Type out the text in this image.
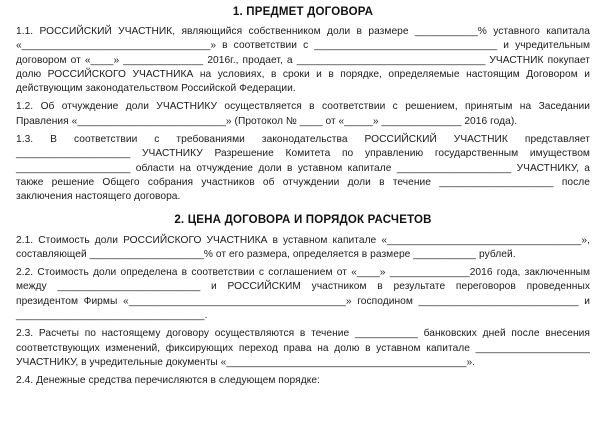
1. ПРЕДМЕТ ДОГОВОРА

1.1. РОССИЙСКИЙ УЧАСТНИК, являющийся собственником доли в размере ___________% уставного капитала «_________________________________» в соответствии с ________________________________ и учредительным договором от «____» ______________ 2016г., продает, а _________________________________ УЧАСТНИК покупает долю РОССИЙСКОГО УЧАСТНИКА на условиях, в сроки и в порядке, определяемые настоящим Договором и действующим законодательством Российской Федерации.

1.2. Об отчуждение доли УЧАСТНИКУ осуществляется в соответствии с решением, принятым на Заседании Правления «__________________________» (Протокол № ____ от «_____» ______________ 2016 года).

1.3. В соответствии с требованиями законодательства РОССИЙСКИЙ УЧАСТНИК представляет ____________________ УЧАСТНИКУ Разрешение Комитета по управлению государственным имуществом ____________________ области на отчуждение доли в уставном капитале ____________________ УЧАСТНИКУ, а также решение Общего собрания участников об отчуждении доли в течение ____________________ после заключения настоящего договора.

2. ЦЕНА ДОГОВОРА И ПОРЯДОК РАСЧЕТОВ

2.1. Стоимость доли РОССИЙСКОГО УЧАСТНИКА в уставном капитале «__________________________________», составляющей ____________________% от его размера, определяется в размере ___________ рублей.

2.2. Стоимость доли определена в соответствии с соглашением от «____» ______________2016 года, заключенным между _________________________ и РОССИЙСКИМ участником в результате переговоров проведенных президентом Фирмы «______________________________________» господином ____________________________ и _________________________________.

2.3. Расчеты по настоящему договору осуществляются в течение ___________ банковских дней после внесения соответствующих изменений, фиксирующих переход права на долю в уставном капитале ____________________ УЧАСТНИКУ, в учредительные документы «__________________________________________».

2.4. Денежные средства перечисляются в следующем порядке:
